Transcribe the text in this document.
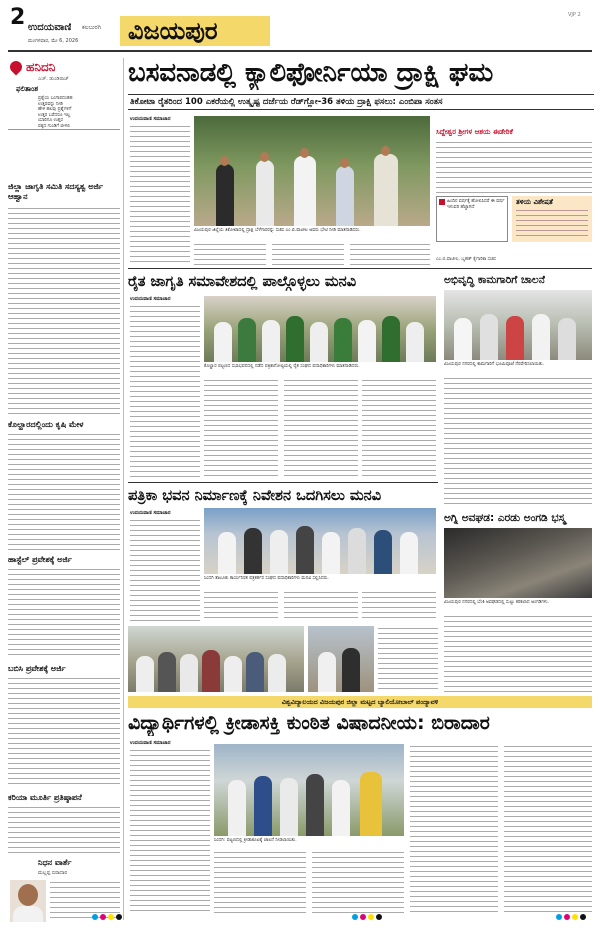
2 ಉದಯವಾಣಿ ಕಲಬುರಗಿ
ಮಂಗಳವಾರ, ಮೇ 6, 2026 ವಿಜಯಪುರ
VJP 2
ಹನಿದನಿ
ಎಚ್. ಡುಂಡಿರಾಜ್
ಫಲಿತಾಂಶ
ಪ್ರಶ್ನೆಯ ಬಂಗಾರದಂತಹ
ಉತ್ತರವನ್ನು ನೀಡಿ
ಹೇಳಿ ಹಲವು ಪ್ರಶ್ನೆಗಳಿಗೆ
ಉತ್ತರ ಬರೆದರೂ ಇಲ್ಲ
ಯಾರಿಗೂ ಉತ್ತರ
ಪಕ್ಕದ ಗುಂಡಿಗೆ ಬೀಳಲಿ
ಜಿಲ್ಲಾ ಜಾಗೃತಿ ಸಮಿತಿ ಸದಸ್ಯತ್ವ ಅರ್ಜಿ ಆಹ್ವಾನ
ಕೊಲ್ಹಾರದಲ್ಲಿಂದು ಕೃಷಿ ಮೇಳ
ಹಾಸ್ಟೆಲ್ ಪ್ರವೇಶಕ್ಕೆ ಅರ್ಜಿ
ಬಬಿಸಿ ಪ್ರವೇಶಕ್ಕೆ ಅರ್ಜಿ
ಕರಿಯಾ ಮೂರ್ತಿ ಪ್ರತಿಷ್ಠಾಪನೆ
ನಿಧನ ವಾರ್ತೆ
ಮಲ್ಲಪ್ಪ ಬಿರಾದಾರ
ಬಸವನಾಡಲ್ಲಿ ಕ್ಯಾಲಿಫೋರ್ನಿಯಾ ದ್ರಾಕ್ಷಿ ಘಮ
ತಿಕೋಟಾ ರೈತರಿಂದ 100 ಎಕರೆಯಲ್ಲಿ ಉತ್ಕೃಷ್ಟ ದರ್ಜೆಯ ರೆಡ್‌ಗ್ಲೋ-36 ತಳಿಯ ದ್ರಾಕ್ಷಿ ಫಸಲು: ಎಂಬಿಪಾ ಸಂತಸ
ಉದಯವಾಣಿ ಸಮಾಚಾರ
ವಿಜಯಪುರ ಜಿಲ್ಲೆಯ ತಿಕೋಟಾದಲ್ಲಿ ದ್ರಾಕ್ಷಿ ಬೆಳೆಗಾರರನ್ನು ಸಚಿವ ಎಂ.ಬಿ.ಪಾಟೀಲ ಅವರು ಭೇಟಿ ನೀಡಿ ಮಾತನಾಡಿದರು.
ಸಿದ್ದೇಶ್ವರ ಶ್ರೀಗಳ ಆಶಯ ಈಡೇರಿಕೆ
ಹಿಂದಿನ ವರ್ಷಕ್ಕೆ ಹೋಲಿಸಿದರೆ ಈ ವರ್ಷ ಇಳುವರಿ ಹೆಚ್ಚಾಗಿದೆ
ತಳಿಯ ವಿಶೇಷತೆ
ಎಂ.ಬಿ.ಪಾಟೀಲ, ಬೃಹತ್ ಕೈಗಾರಿಕಾ ಸಚಿವ
ರೈತ ಜಾಗೃತಿ ಸಮಾವೇಶದಲ್ಲಿ ಪಾಲ್ಗೊಳ್ಳಲು ಮನವಿ
ಉದಯವಾಣಿ ಸಮಾಚಾರ
ಕೊಲ್ಹಾರ ಪಟ್ಟಣದ ಸಭಾಭವನದಲ್ಲಿ ನಡೆದ ಪತ್ರಿಕಾಗೋಷ್ಠಿಯಲ್ಲಿ ರೈತ ಸಂಘದ ಪದಾಧಿಕಾರಿಗಳು ಮಾತನಾಡಿದರು.
ಅಭಿವೃದ್ಧಿ ಕಾಮಗಾರಿಗೆ ಚಾಲನೆ
ವಿಜಯಪುರ ನಗರದಲ್ಲಿ ಕಾಮಗಾರಿಗೆ ಭೂಮಿಪೂಜೆ ನೆರವೇರಿಸಲಾಯಿತು.
ಪತ್ರಿಕಾ ಭವನ ನಿರ್ಮಾಣಕ್ಕೆ ನಿವೇಶನ ಒದಗಿಸಲು ಮನವಿ
ಉದಯವಾಣಿ ಸಮಾಚಾರ
ಸಿಂದಗಿ ತಾಲೂಕು ಕಾರ್ಯನಿರತ ಪತ್ರಕರ್ತರ ಸಂಘದ ಪದಾಧಿಕಾರಿಗಳು ಮನವಿ ಸಲ್ಲಿಸಿದರು.
ಅಗ್ನಿ ಅವಘಡ: ಎರಡು ಅಂಗಡಿ ಭಸ್ಮ
ವಿಜಯಪುರ ನಗರದಲ್ಲಿ ಬೆಂಕಿ ಅವಘಡದಲ್ಲಿ ಸುಟ್ಟು ಕರಕಲಾದ ಅಂಗಡಿಗಳು.
ವಿಶ್ವವಿದ್ಯಾಲಯದ ವಿಜಯಪುರ ಜಿಲ್ಲಾ ಮಟ್ಟದ ಬ್ಯಾಲಿಯೋಬಾಲ್ ಪಂದ್ಯಾವಳಿ
ವಿದ್ಯಾರ್ಥಿಗಳಲ್ಲಿ ಕ್ರೀಡಾಸಕ್ತಿ ಕುಂಠಿತ ವಿಷಾದನೀಯ: ಬಿರಾದಾರ
ಉದಯವಾಣಿ ಸಮಾಚಾರ
ಸಿಂದಗಿ: ಪಟ್ಟಣದಲ್ಲಿ ಕ್ರೀಡಾಕೂಟಕ್ಕೆ ಚಾಲನೆ ನೀಡಲಾಯಿತು.
